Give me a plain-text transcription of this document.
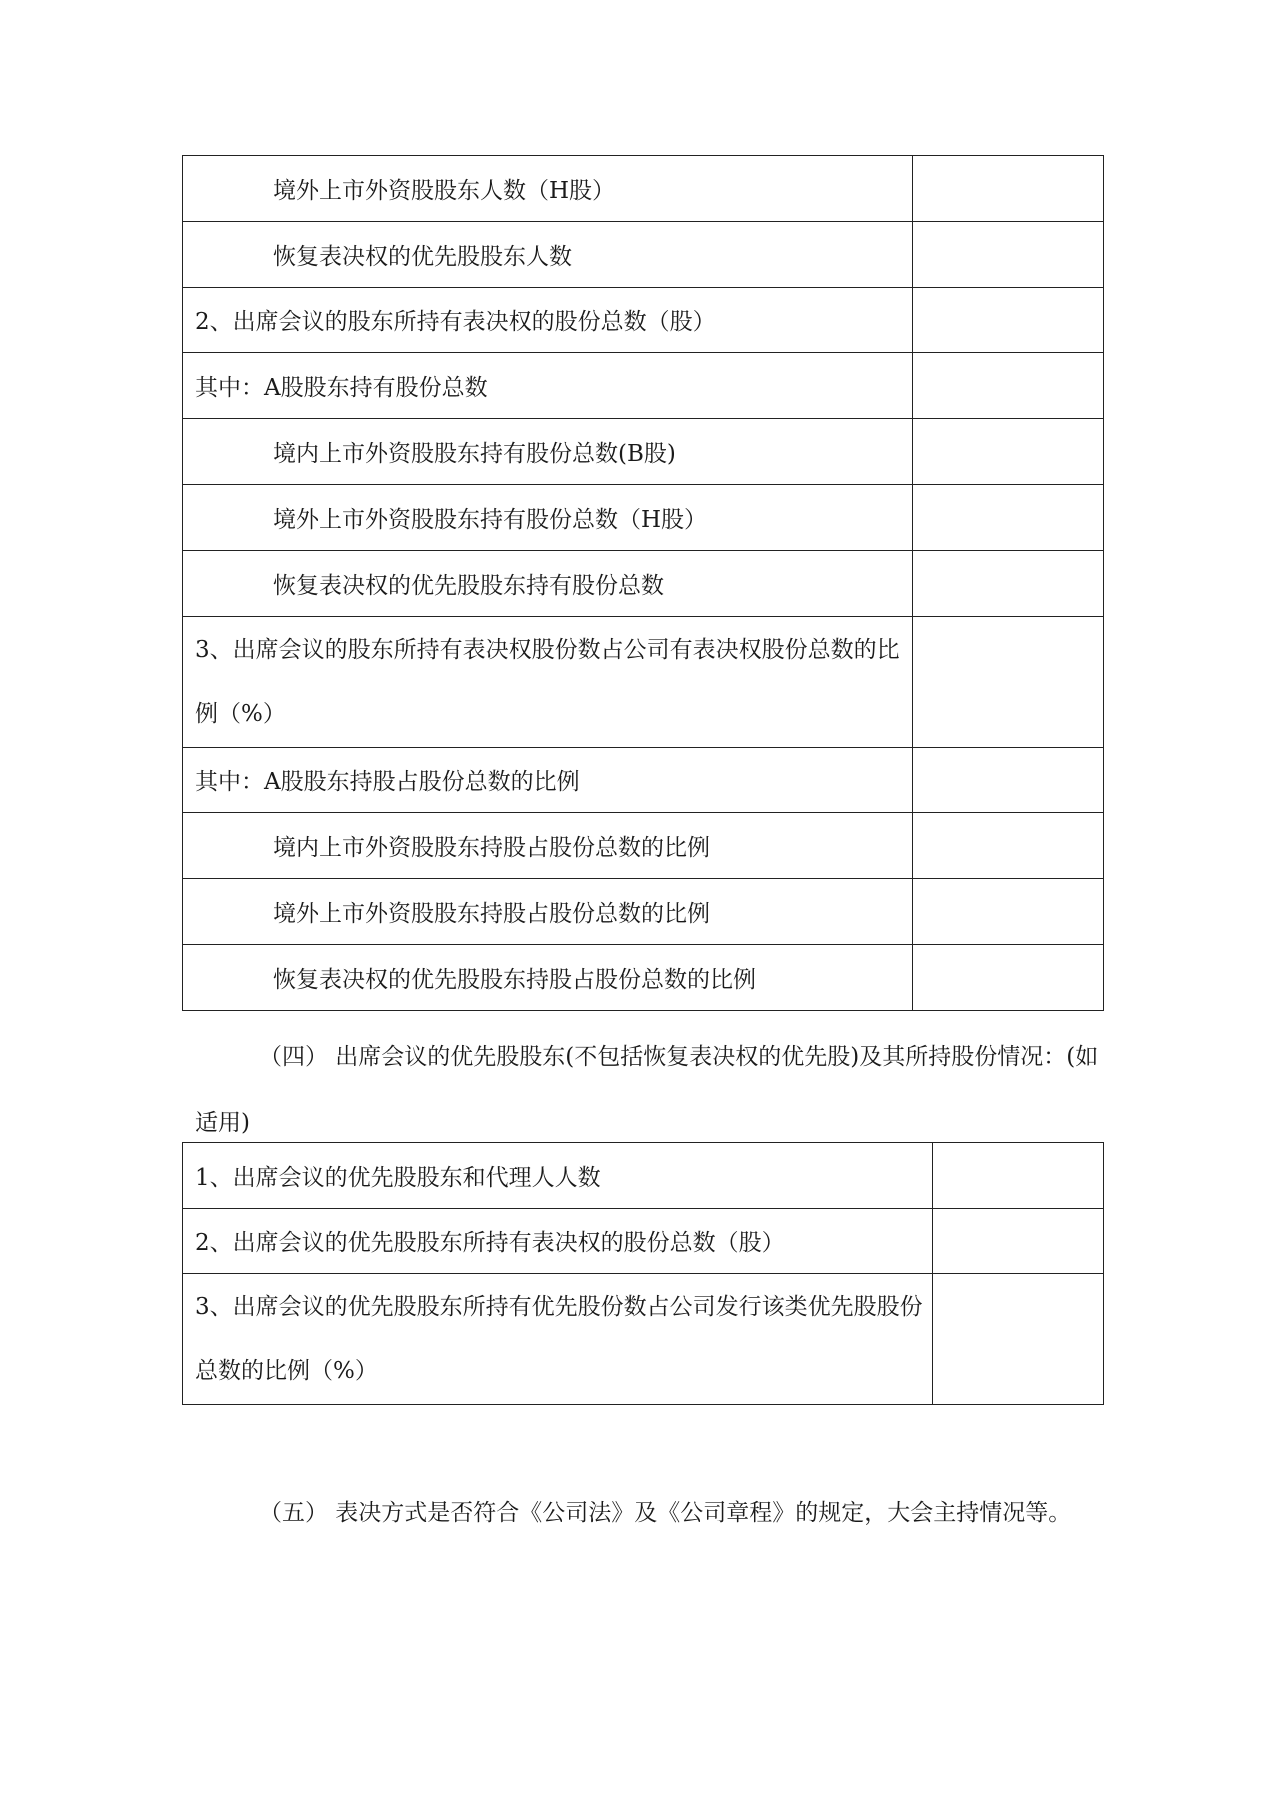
境外上市外资股股东人数（H股）	
恢复表决权的优先股股东人数	
2、出席会议的股东所持有表决权的股份总数（股）	
其中：A股股东持有股份总数	
境内上市外资股股东持有股份总数(B股)	
境外上市外资股股东持有股份总数（H股）	
恢复表决权的优先股股东持有股份总数	
3、出席会议的股东所持有表决权股份数占公司有表决权股份总数的比例（%）	
其中：A股股东持股占股份总数的比例	
境内上市外资股股东持股占股份总数的比例	
境外上市外资股股东持股占股份总数的比例	
恢复表决权的优先股股东持股占股份总数的比例	

（四） 出席会议的优先股股东(不包括恢复表决权的优先股)及其所持股份情况：(如适用)

1、出席会议的优先股股东和代理人人数	
2、出席会议的优先股股东所持有表决权的股份总数（股）	
3、出席会议的优先股股东所持有优先股份数占公司发行该类优先股股份总数的比例（%）	

（五） 表决方式是否符合《公司法》及《公司章程》的规定，大会主持情况等。
